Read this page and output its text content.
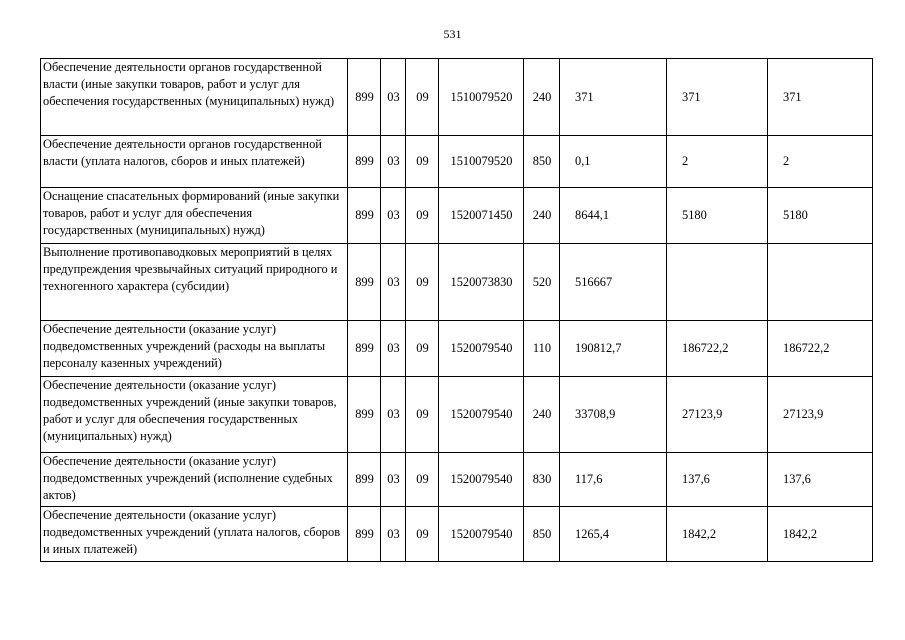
531
Обеспечение деятельности органов государственной власти (иные закупки товаров, работ и услуг для обеспечения государственных (муниципальных) нужд)	899	03	09	1510079520	240	371	371	371
Обеспечение деятельности органов государственной власти (уплата налогов, сборов и иных платежей)	899	03	09	1510079520	850	0,1	2	2
Оснащение спасательных формирований (иные закупки товаров, работ и услуг для обеспечения государственных (муниципальных) нужд)	899	03	09	1520071450	240	8644,1	5180	5180
Выполнение противопаводковых мероприятий в целях предупреждения чрезвычайных ситуаций природного и техногенного характера (субсидии)	899	03	09	1520073830	520	516667		
Обеспечение деятельности (оказание услуг) подведомственных учреждений (расходы на выплаты персоналу казенных учреждений)	899	03	09	1520079540	110	190812,7	186722,2	186722,2
Обеспечение деятельности (оказание услуг) подведомственных учреждений (иные закупки товаров, работ и услуг для обеспечения государственных (муниципальных) нужд)	899	03	09	1520079540	240	33708,9	27123,9	27123,9
Обеспечение деятельности (оказание услуг) подведомственных учреждений (исполнение судебных актов)	899	03	09	1520079540	830	117,6	137,6	137,6
Обеспечение деятельности (оказание услуг) подведомственных учреждений (уплата налогов, сборов и иных платежей)	899	03	09	1520079540	850	1265,4	1842,2	1842,2
